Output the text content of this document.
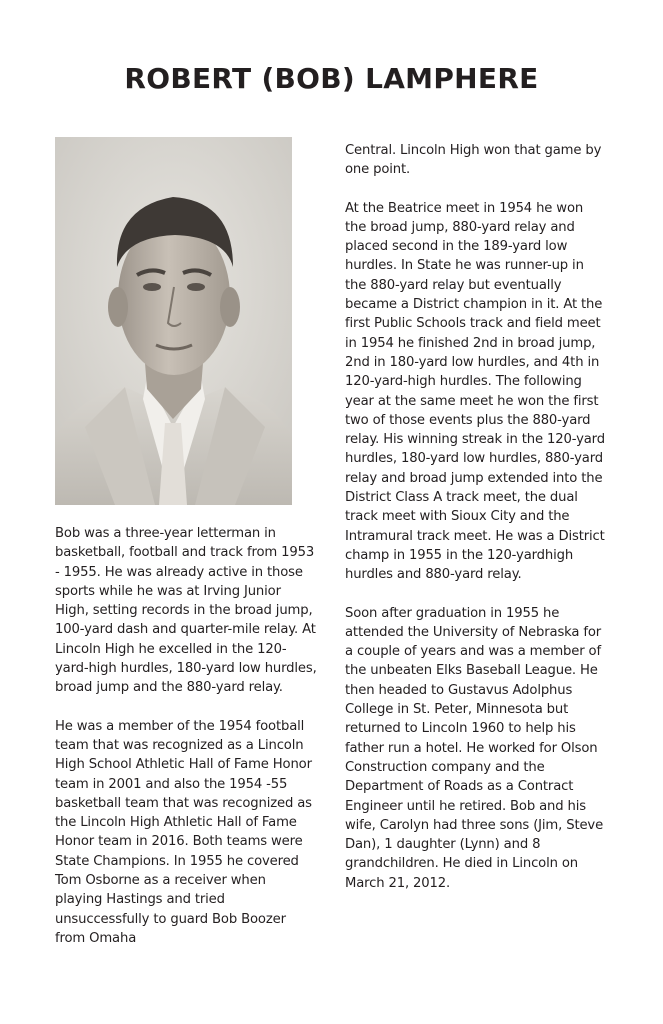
ROBERT (BOB) LAMPHERE

Bob was a three-year letterman in basketball, football and track from 1953 - 1955. He was already active in those sports while he was at Irving Junior High, setting records in the broad jump, 100-yard dash and quarter-mile relay. At Lincoln High he excelled in the 120-yard-high hurdles, 180-yard low hurdles, broad jump and the 880-yard relay.

He was a member of the 1954 football team that was recognized as a Lincoln High School Athletic Hall of Fame Honor team in 2001 and also the 1954 -55 basketball team that was recognized as the Lincoln High Athletic Hall of Fame Honor team in 2016. Both teams were State Champions. In 1955 he covered Tom Osborne as a receiver when playing Hastings and tried unsuccessfully to guard Bob Boozer from Omaha

Central. Lincoln High won that game by one point.

At the Beatrice meet in 1954 he won the broad jump, 880-yard relay and placed second in the 189-yard low hurdles. In State he was runner-up in the 880-yard relay but eventually became a District champion in it. At the first Public Schools track and field meet in 1954 he finished 2nd in broad jump, 2nd in 180-yard low hurdles, and 4th in 120-yard-high hurdles. The following year at the same meet he won the first two of those events plus the 880-yard relay. His winning streak in the 120-yard hurdles, 180-yard low hurdles, 880-yard relay and broad jump extended into the District Class A track meet, the dual track meet with Sioux City and the Intramural track meet. He was a District champ in 1955 in the 120-yardhigh hurdles and 880-yard relay.

Soon after graduation in 1955 he attended the University of Nebraska for a couple of years and was a member of the unbeaten Elks Baseball League. He then headed to Gustavus Adolphus College in St. Peter, Minnesota but returned to Lincoln 1960 to help his father run a hotel. He worked for Olson Construction company and the Department of Roads as a Contract Engineer until he retired. Bob and his wife, Carolyn had three sons (Jim, Steve Dan), 1 daughter (Lynn) and 8 grandchildren. He died in Lincoln on March 21, 2012.
